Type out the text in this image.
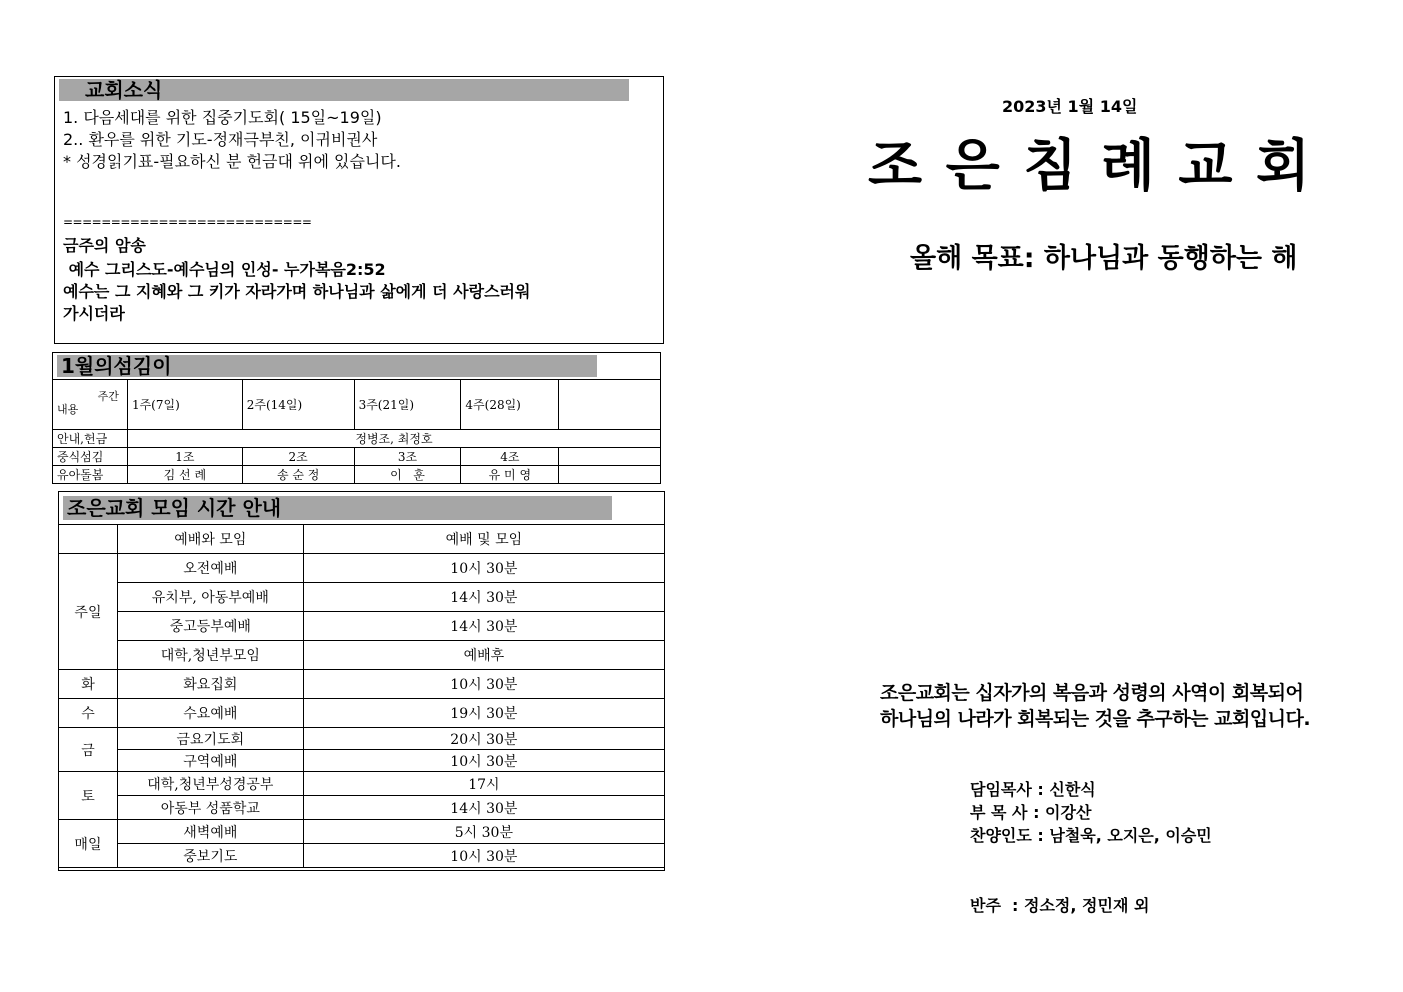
교회소식
1. 다음세대를 위한 집중기도회( 15일~19일)
2.. 환우를 위한 기도-정재극부친, 이귀비권사
* 성경읽기표-필요하신 분 헌금대 위에 있습니다.
==========================
금주의 암송
예수 그리스도-예수님의 인성- 누가복음2:52
예수는 그 지혜와 그 키가 자라가며 하나님과 삶에게 더 사랑스러워
가시더라
1월의섬김이
주간
내용	1주(7일)	2주(14일)	3주(21일)	4주(28일)	
안내,헌금	정병조, 최정호				
중식섬김	1조	2조	3조	4조	
유아돌봄	김 선 례	송 순 정	이   훈	유 미 영	
조은교회 모임 시간 안내
	예배와 모임	예배 및 모임
주일	오전예배	10시 30분
	유치부, 아동부예배	14시 30분
	중고등부예배	14시 30분
	대학,청년부모임	예배후
화	화요집회	10시 30분
수	수요예배	19시 30분
금	금요기도회	20시 30분
	구역예배	10시 30분
토	대학,청년부성경공부	17시
	아동부 성품학교	14시 30분
매일	새벽예배	5시 30분
	중보기도	10시 30분
2023년 1월 14일
조 은 침 례 교 회
올해 목표: 하나님과 동행하는 해
조은교회는 십자가의 복음과 성령의 사역이 회복되어
하나님의 나라가 회복되는 것을 추구하는 교회입니다.
담임목사 : 신한식
부 목 사 : 이강산
찬양인도 : 남철욱, 오지은, 이승민
반주  : 정소정, 정민재 외
